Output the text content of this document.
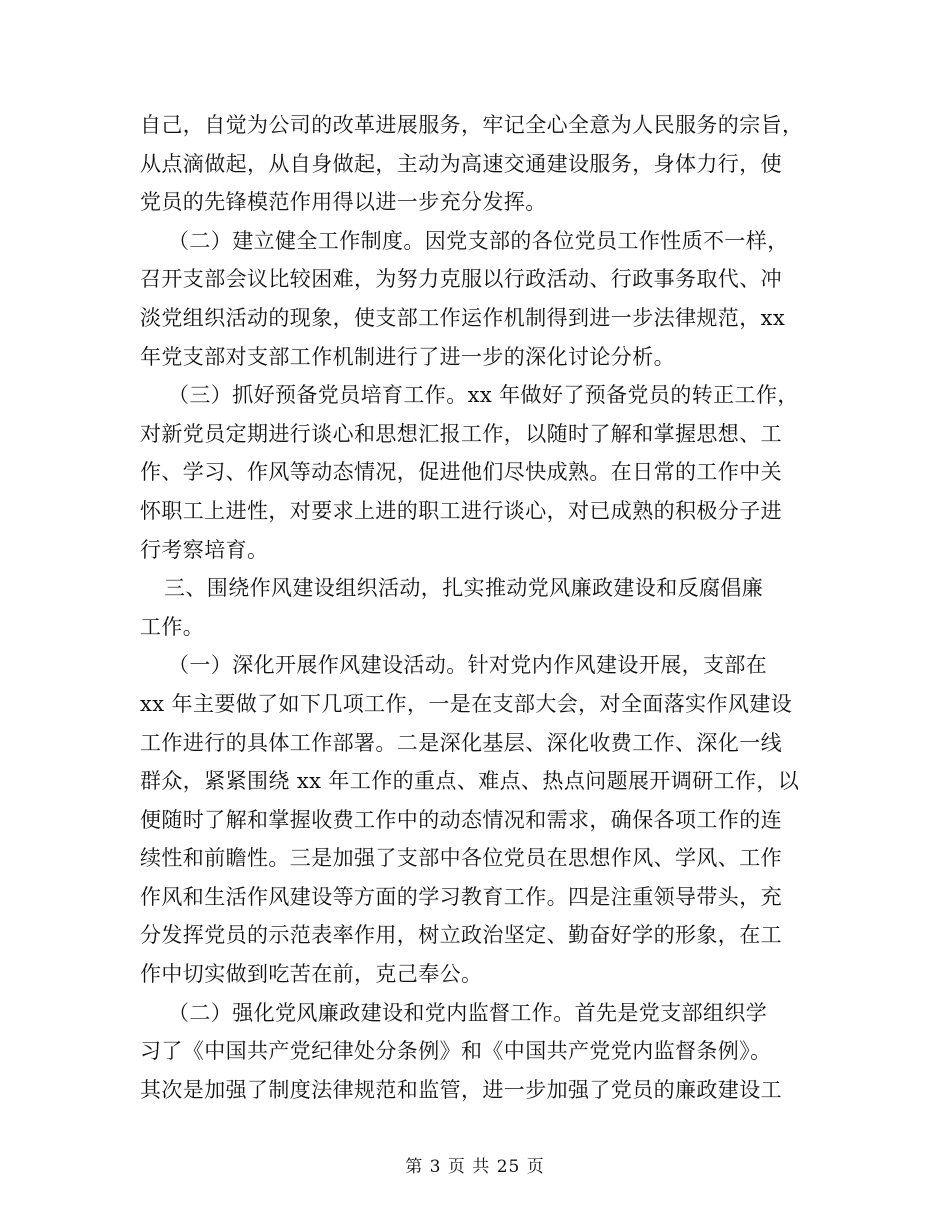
自己，自觉为公司的改革进展服务，牢记全心全意为人民服务的宗旨，
从点滴做起，从自身做起，主动为高速交通建设服务，身体力行，使
党员的先锋模范作用得以进一步充分发挥。
（二）建立健全工作制度。因党支部的各位党员工作性质不一样，
召开支部会议比较困难，为努力克服以行政活动、行政事务取代、冲
淡党组织活动的现象，使支部工作运作机制得到进一步法律规范，xx
年党支部对支部工作机制进行了进一步的深化讨论分析。
（三）抓好预备党员培育工作。xx 年做好了预备党员的转正工作，
对新党员定期进行谈心和思想汇报工作，以随时了解和掌握思想、工
作、学习、作风等动态情况，促进他们尽快成熟。在日常的工作中关
怀职工上进性，对要求上进的职工进行谈心，对已成熟的积极分子进
行考察培育。
三、围绕作风建设组织活动，扎实推动党风廉政建设和反腐倡廉
工作。
（一）深化开展作风建设活动。针对党内作风建设开展，支部在
xx 年主要做了如下几项工作，一是在支部大会，对全面落实作风建设
工作进行的具体工作部署。二是深化基层、深化收费工作、深化一线
群众，紧紧围绕 xx 年工作的重点、难点、热点问题展开调研工作，以
便随时了解和掌握收费工作中的动态情况和需求，确保各项工作的连
续性和前瞻性。三是加强了支部中各位党员在思想作风、学风、工作
作风和生活作风建设等方面的学习教育工作。四是注重领导带头，充
分发挥党员的示范表率作用，树立政治坚定、勤奋好学的形象，在工
作中切实做到吃苦在前，克己奉公。
（二）强化党风廉政建设和党内监督工作。首先是党支部组织学
习了《中国共产党纪律处分条例》和《中国共产党党内监督条例》。
其次是加强了制度法律规范和监管，进一步加强了党员的廉政建设工
第 3 页 共 25 页
